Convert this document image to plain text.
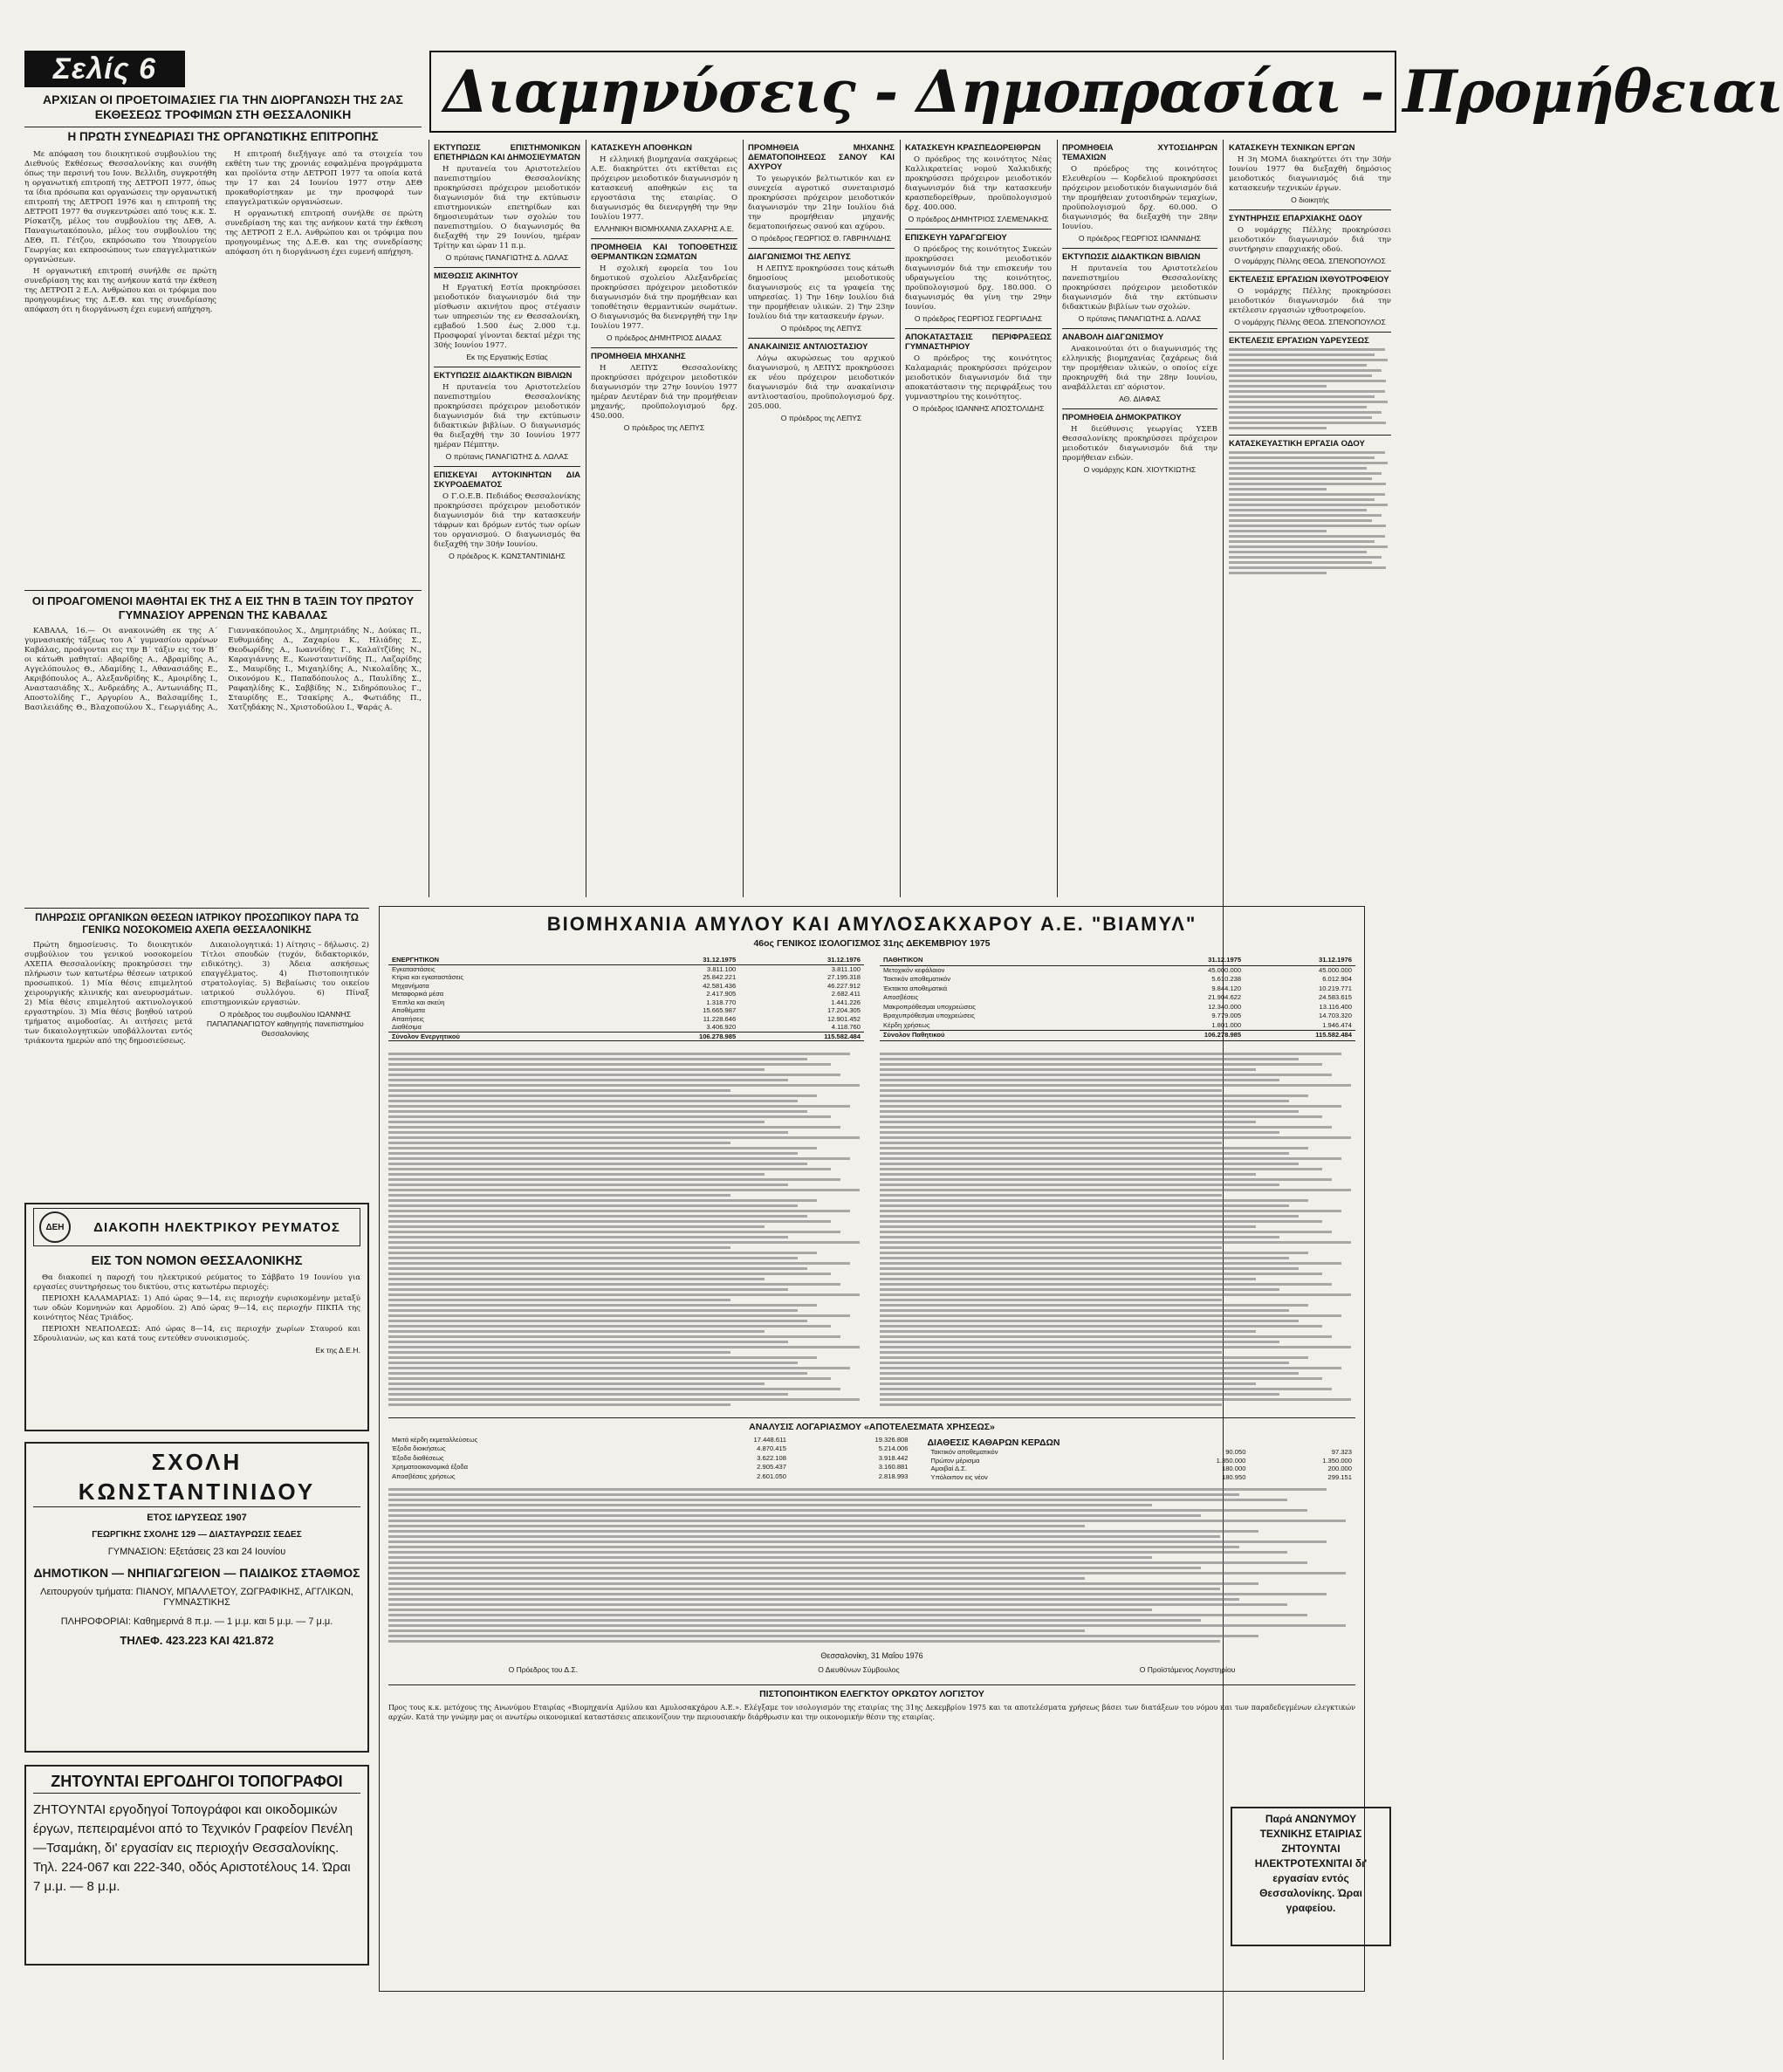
Σελίς 6	Διαμηνύσεις - Δημοπρασίαι - Προμήθειαι
ΑΡΧΙΣΑΝ ΟΙ ΠΡΟΕΤΟΙΜΑΣΙΕΣ ΓΙΑ ΤΗΝ ΔΙΟΡΓΑΝΩΣΗ ΤΗΣ 2ΑΣ ΕΚΘΕΣΕΩΣ ΤΡΟΦΙΜΩΝ ΣΤΗ ΘΕΣΣΑΛΟΝΙΚΗ
Η ΠΡΩΤΗ ΣΥΝΕΔΡΙΑΣΙ ΤΗΣ ΟΡΓΑΝΩΤΙΚΗΣ ΕΠΙΤΡΟΠΗΣ

Με απόφαση του διοικητικού συμβουλίου της Διεθνούς Εκθέσεως Θεσσαλονίκης και συνήθη όπως την περσινή του Ιουν. Βελλιδη, συγκροτήθη η οργανωτική επιτροπή της ΔΕΤΡΟΠ 1977, όπως τα ίδια πρόσωπα και οργανώσεις την οργανωτική επιτροπή της ΔΕΤΡΟΠ 1976 και η επιτροπή της ΔΕΤΡΟΠ 1977 θα συγκεντρώσει από τους κ.κ. Σ. Ρίσκατζη, μέλος του συμβουλίου της ΔΕΘ, Α. Παναγιωτακόπουλο, μέλος του συμβουλίου της ΔΕΘ, Π. Γέτζου, εκπρόσωπο του Υπουργείου Γεωργίας και εκπροσώπους των επαγγελματικών οργανώσεων.

Η οργανωτική επιτροπή συνήλθε σε πρώτη συνεδρίαση της και της ανήκουν κατά την έκθεση της ΔΕΤΡΟΠ 2 Ε.Λ. Ανθρώπου και οι τρόφιμα που προηγουμένως της Δ.Ε.Θ. και της συνεδρίασης απόφαση ότι η διοργάνωση έχει ευμενή απήχηση.

Η επιτροπή διεξήγαγε από τα στοιχεία του εκθέτη των της χρονιάς εσφαλμένα προγράμματα και προϊόντα στην ΔΕΤΡΟΠ 1977 τα οποία κατά την 17 και 24 Ιουνίου 1977 στην ΔΕΘ προκαθορίστηκαν με την προσφορά των επαγγελματικών οργανώσεων.

Η οργανωτική επιτροπή συνήλθε σε πρώτη συνεδρίαση της και της ανήκουν κατά την έκθεση της ΔΕΤΡΟΠ 2 Ε.Λ. Ανθρώπου και οι τρόφιμα που προηγουμένως της Δ.Ε.Θ. και της συνεδρίασης απόφαση ότι η διοργάνωση έχει ευμενή απήχηση.

ΟΙ ΠΡΟΑΓΟΜΕΝΟΙ ΜΑΘΗΤΑΙ ΕΚ ΤΗΣ Α ΕΙΣ ΤΗΝ Β ΤΑΞΙΝ ΤΟΥ ΠΡΩΤΟΥ ΓΥΜΝΑΣΙΟΥ ΑΡΡΕΝΩΝ ΤΗΣ ΚΑΒΑΛΑΣ

ΚΑΒΑΛΑ, 16.— Οι ανακοινώθη εκ της Α΄ γυμνασιακής τάξεως του Α΄ γυμνασίου αρρένων Καβάλας, προάγονται εις την Β΄ τάξιν εις τον Β΄ οι κάτωθι μαθηταί: Αβαρίδης Α., Αβραμίδης Α., Αγγελόπουλος Θ., Αδαμίδης Ι., Αθανασιάδης Ε., Ακριβόπουλος Α., Αλεξανδρίδης Κ., Αμοιρίδης Ι., Αναστασιάδης Χ., Ανδρεάδης Α., Αντωνιάδης Π., Αποστολίδης Γ., Αργυρίου Α., Βαλσαμίδης Ι., Βασιλειάδης Θ., Βλαχοπούλου Χ., Γεωργιάδης Α., Γιαννακόπουλος Χ., Δημητριάδης Ν., Δούκας Π., Ευθυμιάδης Δ., Ζαχαρίου Κ., Ηλιάδης Σ., Θεοδωρίδης Α., Ιωαννίδης Γ., Καλαϊτζίδης Ν., Καραγιάννης Ε., Κωνσταντινίδης Π., Λαζαρίδης Σ., Μαυρίδης Ι., Μιχαηλίδης Α., Νικολαΐδης Χ., Οικονόμου Κ., Παπαδόπουλος Δ., Παυλίδης Σ., Ραφαηλίδης Κ., Σαββίδης Ν., Σιδηρόπουλος Γ., Σταυρίδης Ε., Τσακίρης Α., Φωτιάδης Π., Χατζηδάκης Ν., Χριστοδούλου Ι., Ψαράς Α.

ΠΛΗΡΩΣΙΣ ΟΡΓΑΝΙΚΩΝ ΘΕΣΕΩΝ ΙΑΤΡΙΚΟΥ ΠΡΟΣΩΠΙΚΟΥ ΠΑΡΑ ΤΩ ΓΕΝΙΚΩ ΝΟΣΟΚΟΜΕΙΩ ΑΧΕΠΑ ΘΕΣΣΑΛΟΝΙΚΗΣ

Πρώτη δημοσίευσις. Το διοικητικόν συμβούλιον του γενικού νοσοκομείου ΑΧΕΠΑ Θεσσαλονίκης προκηρύσσει την πλήρωσιν των κατωτέρω θέσεων ιατρικού προσωπικού. 1) Μία θέσις επιμελητού χειρουργικής κλινικής και ανευρυσμάτων. 2) Μία θέσις επιμελητού ακτινολογικού εργαστηρίου. 3) Μία θέσις βοηθού ιατρού τμήματος αιμοδοσίας. Αι αιτήσεις μετά των δικαιολογητικών υποβάλλονται εντός τριάκοντα ημερών από της δημοσιεύσεως.

Δικαιολογητικά: 1) Αίτησις – δήλωσις. 2) Τίτλοι σπουδών (τυχόν, διδακτορικόν, ειδικότης). 3) Άδεια ασκήσεως επαγγέλματος. 4) Πιστοποιητικόν στρατολογίας. 5) Βεβαίωσις του οικείου ιατρικού συλλόγου. 6) Πίναξ επιστημονικών εργασιών.

Ο πρόεδρος του συμβουλίου ΙΩΑΝΝΗΣ ΠΑΠΑΠΑΝΑΓΙΩΤΟΥ καθηγητής πανεπιστημίου Θεσσαλονίκης
ΔΕΗ	ΔΙΑΚΟΠΗ ΗΛΕΚΤΡΙΚΟΥ ΡΕΥΜΑΤΟΣ
ΕΙΣ ΤΟΝ ΝΟΜΟΝ ΘΕΣΣΑΛΟΝΙΚΗΣ

Θα διακοπεί η παροχή του ηλεκτρικού ρεύματος το Σάββατο 19 Ιουνίου για εργασίες συντηρήσεως του δικτύου, στις κατωτέρω περιοχές:

ΠΕΡΙΟΧΗ ΚΑΛΑΜΑΡΙΑΣ: 1) Από ώρας 9—14, εις περιοχήν ευρισκομένην μεταξύ των οδών Κομνηνών και Αρμοδίου. 2) Από ώρας 9—14, εις περιοχήν ΠΙΚΠΑ της κοινότητος Νέας Τριάδος.

ΠΕΡΙΟΧΗ ΝΕΑΠΟΛΕΩΣ: Από ώρας 8—14, εις περιοχήν χωρίων Σταυρού και Σδρουλιανών, ως και κατά τους εντεύθεν συνοικισμούς.

Εκ της Δ.Ε.Η.
ΣΧΟΛΗ ΚΩΝΣΤΑΝΤΙΝΙΔΟΥ
ΕΤΟΣ ΙΔΡΥΣΕΩΣ 1907
ΓΕΩΡΓΙΚΗΣ ΣΧΟΛΗΣ 129 — ΔΙΑΣΤΑΥΡΩΣΙΣ ΣΕΔΕΣ
ΓΥΜΝΑΣΙΟΝ: Εξετάσεις 23 και 24 Ιουνίου
ΔΗΜΟΤΙΚΟΝ — ΝΗΠΙΑΓΩΓΕΙΟΝ — ΠΑΙΔΙΚΟΣ ΣΤΑΘΜΟΣ
Λειτουργούν τμήματα: ΠΙΑΝΟΥ, ΜΠΑΛΛΕΤΟΥ, ΖΩΓΡΑΦΙΚΗΣ, ΑΓΓΛΙΚΩΝ, ΓΥΜΝΑΣΤΙΚΗΣ
ΠΛΗΡΟΦΟΡΙΑΙ: Καθημερινά 8 π.μ. — 1 μ.μ. και 5 μ.μ. — 7 μ.μ.
ΤΗΛΕΦ. 423.223 ΚΑΙ 421.872
ΖΗΤΟΥΝΤΑΙ ΕΡΓΟΔΗΓΟΙ ΤΟΠΟΓΡΑΦΟΙ
ΖΗΤΟΥΝΤΑΙ εργοδηγοί Τοπογράφοι και οικοδομικών έργων, πεπειραμένοι από το Τεχνικόν Γραφείον Πενέλη—Τσαμάκη, δι' εργασίαν εις περιοχήν Θεσσαλονίκης. Τηλ. 224-067 και 222-340, οδός Αριστοτέλους 14. Ώραι 7 μ.μ. — 8 μ.μ.
ΕΚΤΥΠΩΣΙΣ ΕΠΙΣΤΗΜΟΝΙΚΩΝ ΕΠΕΤΗΡΙΔΩΝ ΚΑΙ ΔΗΜΟΣΙΕΥΜΑΤΩΝ

Η πρυτανεία του Αριστοτελείου πανεπιστημίου Θεσσαλονίκης προκηρύσσει πρόχειρον μειοδοτικόν διαγωνισμόν διά την εκτύπωσιν επιστημονικών επετηρίδων και δημοσιευμάτων των σχολών του πανεπιστημίου. Ο διαγωνισμός θα διεξαχθή την 29 Ιουνίου, ημέραν Τρίτην και ώραν 11 π.μ.

Ο πρύτανις ΠΑΝΑΓΙΩΤΗΣ Δ. ΛΩΛΑΣ
ΜΙΣΘΩΣΙΣ ΑΚΙΝΗΤΟΥ

Η Εργατική Εστία προκηρύσσει μειοδοτικόν διαγωνισμόν διά την μίσθωσιν ακινήτου προς στέγασιν των υπηρεσιών της εν Θεσσαλονίκη, εμβαδού 1.500 έως 2.000 τ.μ. Προσφοραί γίνονται δεκταί μέχρι της 30ής Ιουνίου 1977.

Εκ της Εργατικής Εστίας
ΕΚΤΥΠΩΣΙΣ ΔΙΔΑΚΤΙΚΩΝ ΒΙΒΛΙΩΝ

Η πρυτανεία του Αριστοτελείου πανεπιστημίου Θεσσαλονίκης προκηρύσσει πρόχειρον μειοδοτικόν διαγωνισμόν διά την εκτύπωσιν διδακτικών βιβλίων. Ο διαγωνισμός θα διεξαχθή την 30 Ιουνίου 1977 ημέραν Πέμπτην.

Ο πρύτανις ΠΑΝΑΓΙΩΤΗΣ Δ. ΛΩΛΑΣ
ΕΠΙΣΚΕΥΑΙ ΑΥΤΟΚΙΝΗΤΩΝ ΔΙΑ ΣΚΥΡΟΔΕΜΑΤΟΣ

Ο Γ.Ο.Ε.Β. Πεδιάδος Θεσσαλονίκης προκηρύσσει πρόχειρον μειοδοτικόν διαγωνισμόν διά την κατασκευήν τάφρων και δρόμων εντός των ορίων του οργανισμού. Ο διαγωνισμός θα διεξαχθή την 30ήν Ιουνίου.

Ο πρόεδρος Κ. ΚΩΝΣΤΑΝΤΙΝΙΔΗΣ
ΚΑΤΑΣΚΕΥΗ ΑΠΟΘΗΚΩΝ

Η ελληνική βιομηχανία σακχάρεως Α.Ε. διακηρύττει ότι εκτίθεται εις πρόχειρον μειοδοτικόν διαγωνισμόν η κατασκευή αποθηκών εις τα εργοστάσια της εταιρίας. Ο διαγωνισμός θα διενεργηθή την 9ην Ιουλίου 1977.

ΕΛΛΗΝΙΚΗ ΒΙΟΜΗΧΑΝΙΑ ΖΑΧΑΡΗΣ Α.Ε.
ΠΡΟΜΗΘΕΙΑ ΚΑΙ ΤΟΠΟΘΕΤΗΣΙΣ ΘΕΡΜΑΝΤΙΚΩΝ ΣΩΜΑΤΩΝ

Η σχολική εφορεία του 1ου δημοτικού σχολείου Αλεξανδρείας προκηρύσσει πρόχειρον μειοδοτικόν διαγωνισμόν διά την προμήθειαν και τοποθέτησιν θερμαντικών σωμάτων. Ο διαγωνισμός θα διενεργηθή την 1ην Ιουλίου 1977.

Ο πρόεδρος ΔΗΜΗΤΡΙΟΣ ΔΙΑΔΑΣ
ΠΡΟΜΗΘΕΙΑ ΜΗΧΑΝΗΣ

Η ΛΕΠΥΣ Θεσσαλονίκης προκηρύσσει πρόχειρον μειοδοτικόν διαγωνισμόν την 27ην Ιουνίου 1977 ημέραν Δευτέραν διά την προμήθειαν μηχανής, προϋπολογισμού δρχ. 450.000.

Ο πρόεδρος της ΛΕΠΥΣ
ΠΡΟΜΗΘΕΙΑ ΜΗΧΑΝΗΣ ΔΕΜΑΤΟΠΟΙΗΣΕΩΣ ΣΑΝΟΥ ΚΑΙ ΑΧΥΡΟΥ

Το γεωργικόν βελτιωτικόν και εν συνεχεία αγροτικό συνεταιρισμό προκηρύσσει πρόχειρον μειοδοτικόν διαγωνισμόν την 21ην Ιουλίου διά την προμήθειαν μηχανής δεματοποιήσεως σανού και αχύρου.

Ο πρόεδρος ΓΕΩΡΓΙΟΣ Θ. ΓΑΒΡΙΗΛΙΔΗΣ
ΔΙΑΓΩΝΙΣΜΟΙ ΤΗΣ ΛΕΠΥΣ

Η ΛΕΠΥΣ προκηρύσσει τους κάτωθι δημοσίους μειοδοτικούς διαγωνισμούς εις τα γραφεία της υπηρεσίας. 1) Την 16ην Ιουλίου διά την προμήθειαν υλικών. 2) Την 23ην Ιουλίου διά την κατασκευήν έργων.

Ο πρόεδρος της ΛΕΠΥΣ
ΑΝΑΚΑΙΝΙΣΙΣ ΑΝΤΛΙΟΣΤΑΣΙΟΥ

Λόγω ακυρώσεως του αρχικού διαγωνισμού, η ΛΕΠΥΣ προκηρύσσει εκ νέου πρόχειρον μειοδοτικόν διαγωνισμόν διά την ανακαίνισιν αντλιοστασίου, προϋπολογισμού δρχ. 205.000.

Ο πρόεδρος της ΛΕΠΥΣ
ΚΑΤΑΣΚΕΥΗ ΚΡΑΣΠΕΔΟΡΕΙΘΡΩΝ

Ο πρόεδρος της κοινότητος Νέας Καλλικρατείας νομού Χαλκιδικής προκηρύσσει πρόχειρον μειοδοτικόν διαγωνισμόν διά την κατασκευήν κρασπεδορείθρων, προϋπολογισμού δρχ. 400.000.

Ο πρόεδρος ΔΗΜΗΤΡΙΟΣ ΣΛΕΜΕΝΑΚΗΣ
ΕΠΙΣΚΕΥΗ ΥΔΡΑΓΩΓΕΙΟΥ

Ο πρόεδρος της κοινότητος Συκεών προκηρύσσει μειοδοτικόν διαγωνισμόν διά την επισκευήν του υδραγωγείου της κοινότητος, προϋπολογισμού δρχ. 180.000. Ο διαγωνισμός θα γίνη την 29ην Ιουνίου.

Ο πρόεδρος ΓΕΩΡΓΙΟΣ ΓΕΩΡΓΙΑΔΗΣ
ΑΠΟΚΑΤΑΣΤΑΣΙΣ ΠΕΡΙΦΡΑΞΕΩΣ ΓΥΜΝΑΣΤΗΡΙΟΥ

Ο πρόεδρος της κοινότητος Καλαμαριάς προκηρύσσει πρόχειρον μειοδοτικόν διαγωνισμόν διά την αποκατάστασιν της περιφράξεως του γυμναστηρίου της κοινότητος.

Ο πρόεδρος ΙΩΑΝΝΗΣ ΑΠΟΣΤΟΛΙΔΗΣ
ΠΡΟΜΗΘΕΙΑ ΧΥΤΟΣΙΔΗΡΩΝ ΤΕΜΑΧΙΩΝ

Ο πρόεδρος της κοινότητος Ελευθερίου — Κορδελιού προκηρύσσει πρόχειρον μειοδοτικόν διαγωνισμόν διά την προμήθειαν χυτοσιδηρών τεμαχίων, προϋπολογισμού δρχ. 60.000. Ο διαγωνισμός θα διεξαχθή την 28ην Ιουνίου.

Ο πρόεδρος ΓΕΩΡΓΙΟΣ ΙΩΑΝΝΙΔΗΣ
ΕΚΤΥΠΩΣΙΣ ΔΙΔΑΚΤΙΚΩΝ ΒΙΒΛΙΩΝ

Η πρυτανεία του Αριστοτελείου πανεπιστημίου Θεσσαλονίκης προκηρύσσει πρόχειρον μειοδοτικόν διαγωνισμόν διά την εκτύπωσιν διδακτικών βιβλίων των σχολών.

Ο πρύτανις ΠΑΝΑΓΙΩΤΗΣ Δ. ΛΩΛΑΣ
ΑΝΑΒΟΛΗ ΔΙΑΓΩΝΙΣΜΟΥ

Ανακοινούται ότι ο διαγωνισμός της ελληνικής βιομηχανίας ζαχάρεως διά την προμήθειαν υλικών, ο οποίος είχε προκηρυχθή διά την 28ην Ιουνίου, αναβάλλεται επ' αόριστον.

ΑΘ. ΔΙΑΦΑΣ
ΠΡΟΜΗΘΕΙΑ ΔΗΜΟΚΡΑΤΙΚΟΥ

Η διεύθυνσις γεωργίας ΥΣΕΒ Θεσσαλονίκης προκηρύσσει πρόχειρον μειοδοτικόν διαγωνισμόν διά την προμήθειαν ειδών.

Ο νομάρχης ΚΩΝ. ΧΙΟΥΤΚΙΩΤΗΣ
ΚΑΤΑΣΚΕΥΗ ΤΕΧΝΙΚΩΝ ΕΡΓΩΝ

Η 3η ΜΟΜΑ διακηρύττει ότι την 30ήν Ιουνίου 1977 θα διεξαχθή δημόσιος μειοδοτικός διαγωνισμός διά την κατασκευήν τεχνικών έργων.

Ο διοικητής
ΣΥΝΤΗΡΗΣΙΣ ΕΠΑΡΧΙΑΚΗΣ ΟΔΟΥ

Ο νομάρχης Πέλλης προκηρύσσει μειοδοτικόν διαγωνισμόν διά την συντήρησιν επαρχιακής οδού.

Ο νομάρχης Πέλλης ΘΕΟΔ. ΣΠΕΝΟΠΟΥΛΟΣ
ΕΚΤΕΛΕΣΙΣ ΕΡΓΑΣΙΩΝ ΙΧΘΥΟΤΡΟΦΕΙΟΥ

Ο νομάρχης Πέλλης προκηρύσσει μειοδοτικόν διαγωνισμόν διά την εκτέλεσιν εργασιών ιχθυοτροφείου.

Ο νομάρχης Πέλλης ΘΕΟΔ. ΣΠΕΝΟΠΟΥΛΟΣ
ΕΚΤΕΛΕΣΙΣ ΕΡΓΑΣΙΩΝ ΥΔΡΕΥΣΕΩΣ
ΚΑΤΑΣΚΕΥΑΣΤΙΚΗ ΕΡΓΑΣΙΑ ΟΔΟΥ
Παρά ΑΝΩΝΥΜΟΥ ΤΕΧΝΙΚΗΣ ΕΤΑΙΡΙΑΣ ΖΗΤΟΥΝΤΑΙ ΗΛΕΚΤΡΟΤΕΧΝΙΤΑΙ δι' εργασίαν εντός Θεσσαλονίκης. Ώραι γραφείου.
ΒΙΟΜΗΧΑΝΙΑ ΑΜΥΛΟΥ ΚΑΙ ΑΜΥΛΟΣΑΚΧΑΡΟΥ Α.Ε. "ΒΙΑΜΥΛ"
46ος ΓΕΝΙΚΟΣ ΙΣΟΛΟΓΙΣΜΟΣ 31ης ΔΕΚΕΜΒΡΙΟΥ 1975
ΕΝΕΡΓΗΤΙΚΟΝ	31.12.1975	31.12.1976
Εγκαταστάσεις	3.811.100	3.811.100
Κτίρια και εγκαταστάσεις	25.842.221	27.195.318
Μηχανήματα	42.581.436	46.227.912
Μεταφορικά μέσα	2.417.905	2.682.411
Έπιπλα και σκεύη	1.318.770	1.441.226
Αποθέματα	15.665.987	17.204.305
Απαιτήσεις	11.228.646	12.901.452
Διαθέσιμα	3.406.920	4.118.760
Σύνολον Ενεργητικού	106.278.985	115.582.484
ΠΑΘΗΤΙΚΟΝ	31.12.1975	31.12.1976
Μετοχικόν κεφάλαιον	45.000.000	45.000.000
Τακτικόν αποθεματικόν	5.610.238	6.012.904
Έκτακτα αποθεματικά	9.844.120	10.219.771
Αποσβέσεις	21.904.622	24.583.615
Μακροπρόθεσμαι υποχρεώσεις	12.340.000	13.116.400
Βραχυπρόθεσμαι υποχρεώσεις	9.779.005	14.703.320
Κέρδη χρήσεως	1.801.000	1.946.474
Σύνολον Παθητικού	106.278.985	115.582.484
ΑΝΑΛΥΣΙΣ ΛΟΓΑΡΙΑΣΜΟΥ «ΑΠΟΤΕΛΕΣΜΑΤΑ ΧΡΗΣΕΩΣ»
Μικτά κέρδη εκμεταλλεύσεως	17.448.611	19.326.808
Έξοδα διοικήσεως	4.870.415	5.214.006
Έξοδα διαθέσεως	3.622.108	3.918.442
Χρηματοοικονομικά έξοδα	2.905.437	3.160.881
Αποσβέσεις χρήσεως	2.601.050	2.818.993
ΔΙΑΘΕΣΙΣ ΚΑΘΑΡΩΝ ΚΕΡΔΩΝ
Τακτικόν αποθεματικόν	90.050	97.323
Πρώτον μέρισμα	1.350.000	1.350.000
Αμοιβαί Δ.Σ.	180.000	200.000
Υπόλοιπον εις νέον	180.950	299.151
Θεσσαλονίκη, 31 Μαΐου 1976
Ο Πρόεδρος του Δ.Σ.	Ο Διευθύνων Σύμβουλος	Ο Προϊστάμενος Λογιστηρίου
ΠΙΣΤΟΠΟΙΗΤΙΚΟΝ ΕΛΕΓΚΤΟΥ ΟΡΚΩΤΟΥ ΛΟΓΙΣΤΟΥ
Προς τους κ.κ. μετόχους της Ανωνύμου Εταιρίας «Βιομηχανία Αμύλου και Αμυλοσακχάρου Α.Ε.». Ελέγξαμε τον ισολογισμόν της εταιρίας της 31ης Δεκεμβρίου 1975 και τα αποτελέσματα χρήσεως βάσει των διατάξεων του νόμου και των παραδεδεγμένων ελεγκτικών αρχών. Κατά την γνώμην μας οι ανωτέρω οικονομικαί καταστάσεις απεικονίζουν την περιουσιακήν διάρθρωσιν και την οικονομικήν θέσιν της εταιρίας.
